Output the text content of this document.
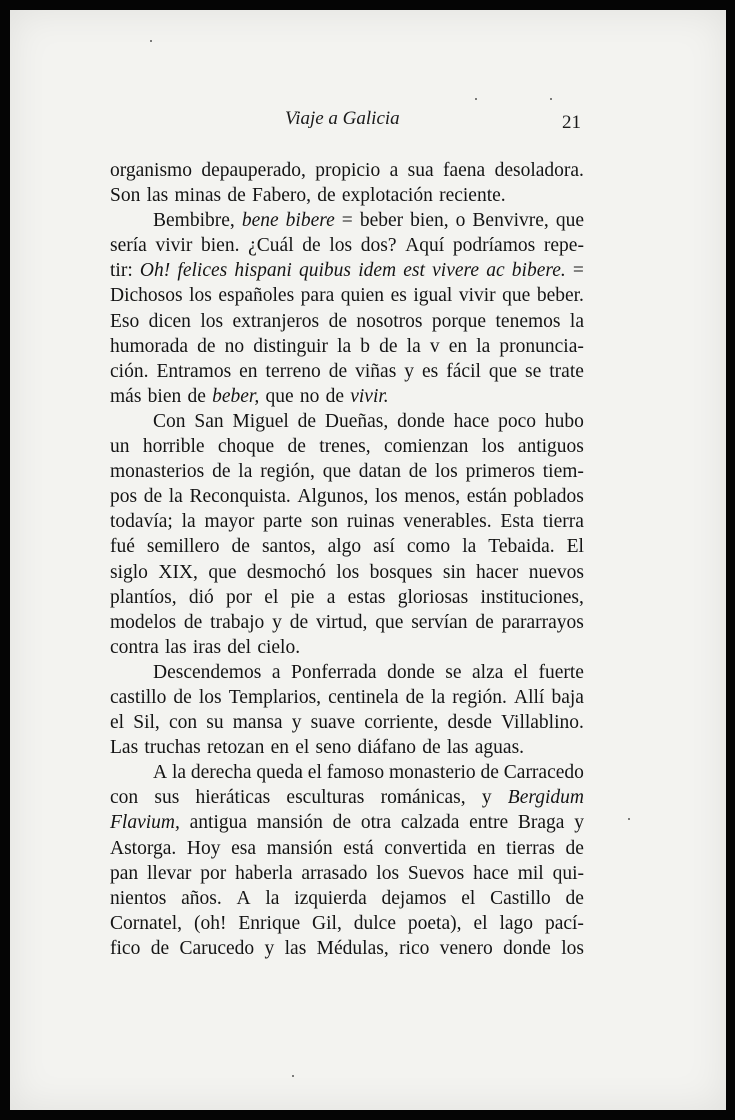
Viaje a Galicia	21
organismo depauperado, propicio a sua faena desoladora.
Son las minas de Fabero, de explotación reciente.
Bembibre, bene bibere = beber bien, o Benvivre, que
sería vivir bien. ¿Cuál de los dos? Aquí podríamos repe-
tir: Oh! felices hispani quibus idem est vivere ac bibere. =
Dichosos los españoles para quien es igual vivir que beber.
Eso dicen los extranjeros de nosotros porque tenemos la
humorada de no distinguir la b de la v en la pronuncia-
ción. Entramos en terreno de viñas y es fácil que se trate
más bien de beber, que no de vivir.
Con San Miguel de Dueñas, donde hace poco hubo
un horrible choque de trenes, comienzan los antiguos
monasterios de la región, que datan de los primeros tiem-
pos de la Reconquista. Algunos, los menos, están poblados
todavía; la mayor parte son ruinas venerables. Esta tierra
fué semillero de santos, algo así como la Tebaida. El
siglo XIX, que desmochó los bosques sin hacer nuevos
plantíos, dió por el pie a estas gloriosas instituciones,
modelos de trabajo y de virtud, que servían de pararrayos
contra las iras del cielo.
Descendemos a Ponferrada donde se alza el fuerte
castillo de los Templarios, centinela de la región. Allí baja
el Sil, con su mansa y suave corriente, desde Villablino.
Las truchas retozan en el seno diáfano de las aguas.
A la derecha queda el famoso monasterio de Carracedo
con sus hieráticas esculturas románicas, y Bergidum
Flavium, antigua mansión de otra calzada entre Braga y
Astorga. Hoy esa mansión está convertida en tierras de
pan llevar por haberla arrasado los Suevos hace mil qui-
nientos años. A la izquierda dejamos el Castillo de
Cornatel, (oh! Enrique Gil, dulce poeta), el lago pací-
fico de Carucedo y las Médulas, rico venero donde los
